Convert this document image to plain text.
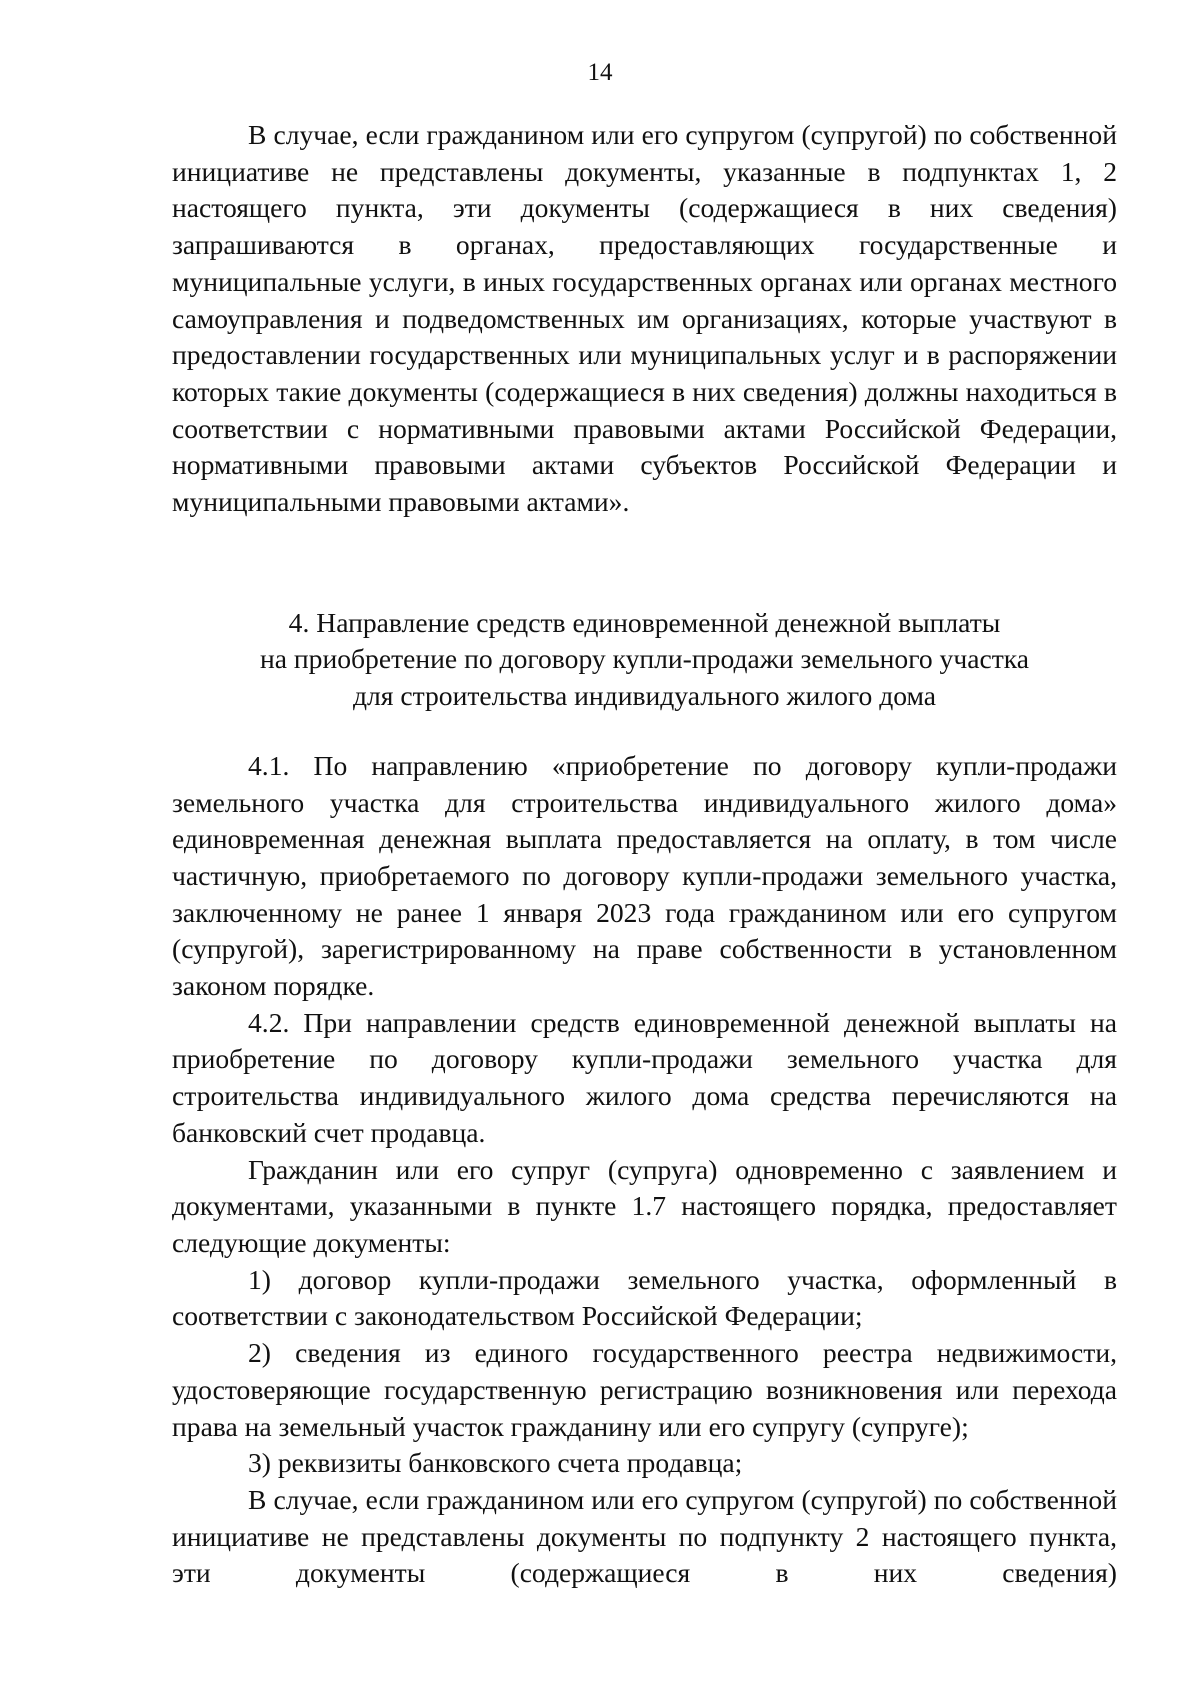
14

В случае, если гражданином или его супругом (супругой) по собственной инициативе не представлены документы, указанные в подпунктах 1, 2 настоящего пункта, эти документы (содержащиеся в них сведения) запрашиваются в органах, предоставляющих государственные и муниципальные услуги, в иных государственных органах или органах местного самоуправления и подведомственных им организациях, которые участвуют в предоставлении государственных или муниципальных услуг и в распоряжении которых такие документы (содержащиеся в них сведения) должны находиться в соответствии с нормативными правовыми актами Российской Федерации, нормативными правовыми актами субъектов Российской Федерации и муниципальными правовыми актами».

4. Направление средств единовременной денежной выплаты
на приобретение по договору купли-продажи земельного участка
для строительства индивидуального жилого дома

4.1. По направлению «приобретение по договору купли-продажи земельного участка для строительства индивидуального жилого дома» единовременная денежная выплата предоставляется на оплату, в том числе частичную, приобретаемого по договору купли-продажи земельного участка, заключенному не ранее 1 января 2023 года гражданином или его супругом (супругой), зарегистрированному на праве собственности в установленном законом порядке.

4.2. При направлении средств единовременной денежной выплаты на приобретение по договору купли-продажи земельного участка для строительства индивидуального жилого дома средства перечисляются на банковский счет продавца.

Гражданин или его супруг (супруга) одновременно с заявлением и документами, указанными в пункте 1.7 настоящего порядка, предоставляет следующие документы:

1) договор купли-продажи земельного участка, оформленный в соответствии с законодательством Российской Федерации;

2) сведения из единого государственного реестра недвижимости, удостоверяющие государственную регистрацию возникновения или перехода права на земельный участок гражданину или его супругу (супруге);

3) реквизиты банковского счета продавца;

В случае, если гражданином или его супругом (супругой) по собственной инициативе не представлены документы по подпункту 2 настоящего пункта, эти документы (содержащиеся в них сведения)
